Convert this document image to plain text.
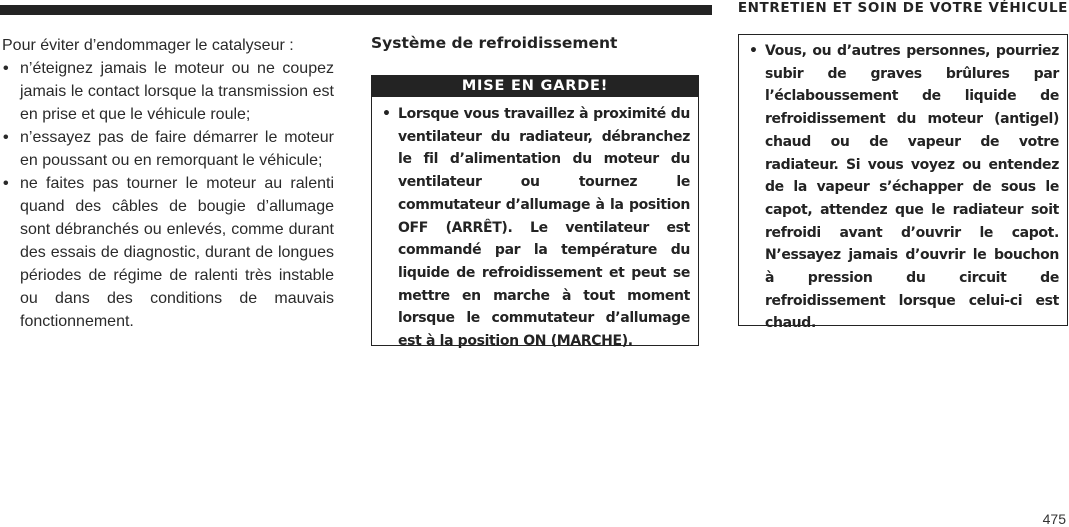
ENTRETIEN ET SOIN DE VOTRE VÉHICULE

Pour éviter d’endommager le catalyseur :

• n’éteignez jamais le moteur ou ne coupez jamais le contact lorsque la transmission est en prise et que le véhicule roule;
• n’essayez pas de faire démarrer le moteur en poussant ou en remorquant le véhicule;
• ne faites pas tourner le moteur au ralenti quand des câbles de bougie d’allumage sont débranchés ou enlevés, comme durant des essais de diagnostic, durant de longues périodes de régime de ralenti très instable ou dans des conditions de mauvais fonctionnement.
Système de refroidissement
MISE EN GARDE!
• Lorsque vous travaillez à proximité du ventilateur du radiateur, débranchez le fil d’alimentation du moteur du ventilateur ou tournez le commutateur d’allumage à la position OFF (ARRÊT). Le ventilateur est commandé par la température du liquide de refroidissement et peut se mettre en marche à tout moment lorsque le commutateur d’allumage est à la position ON (MARCHE).
• Vous, ou d’autres personnes, pourriez subir de graves brûlures par l’éclaboussement de liquide de refroidissement du moteur (antigel) chaud ou de vapeur de votre radiateur. Si vous voyez ou entendez de la vapeur s’échapper de sous le capot, attendez que le radiateur soit refroidi avant d’ouvrir le capot. N’essayez jamais d’ouvrir le bouchon à pression du circuit de refroidissement lorsque celui-ci est chaud.
475
